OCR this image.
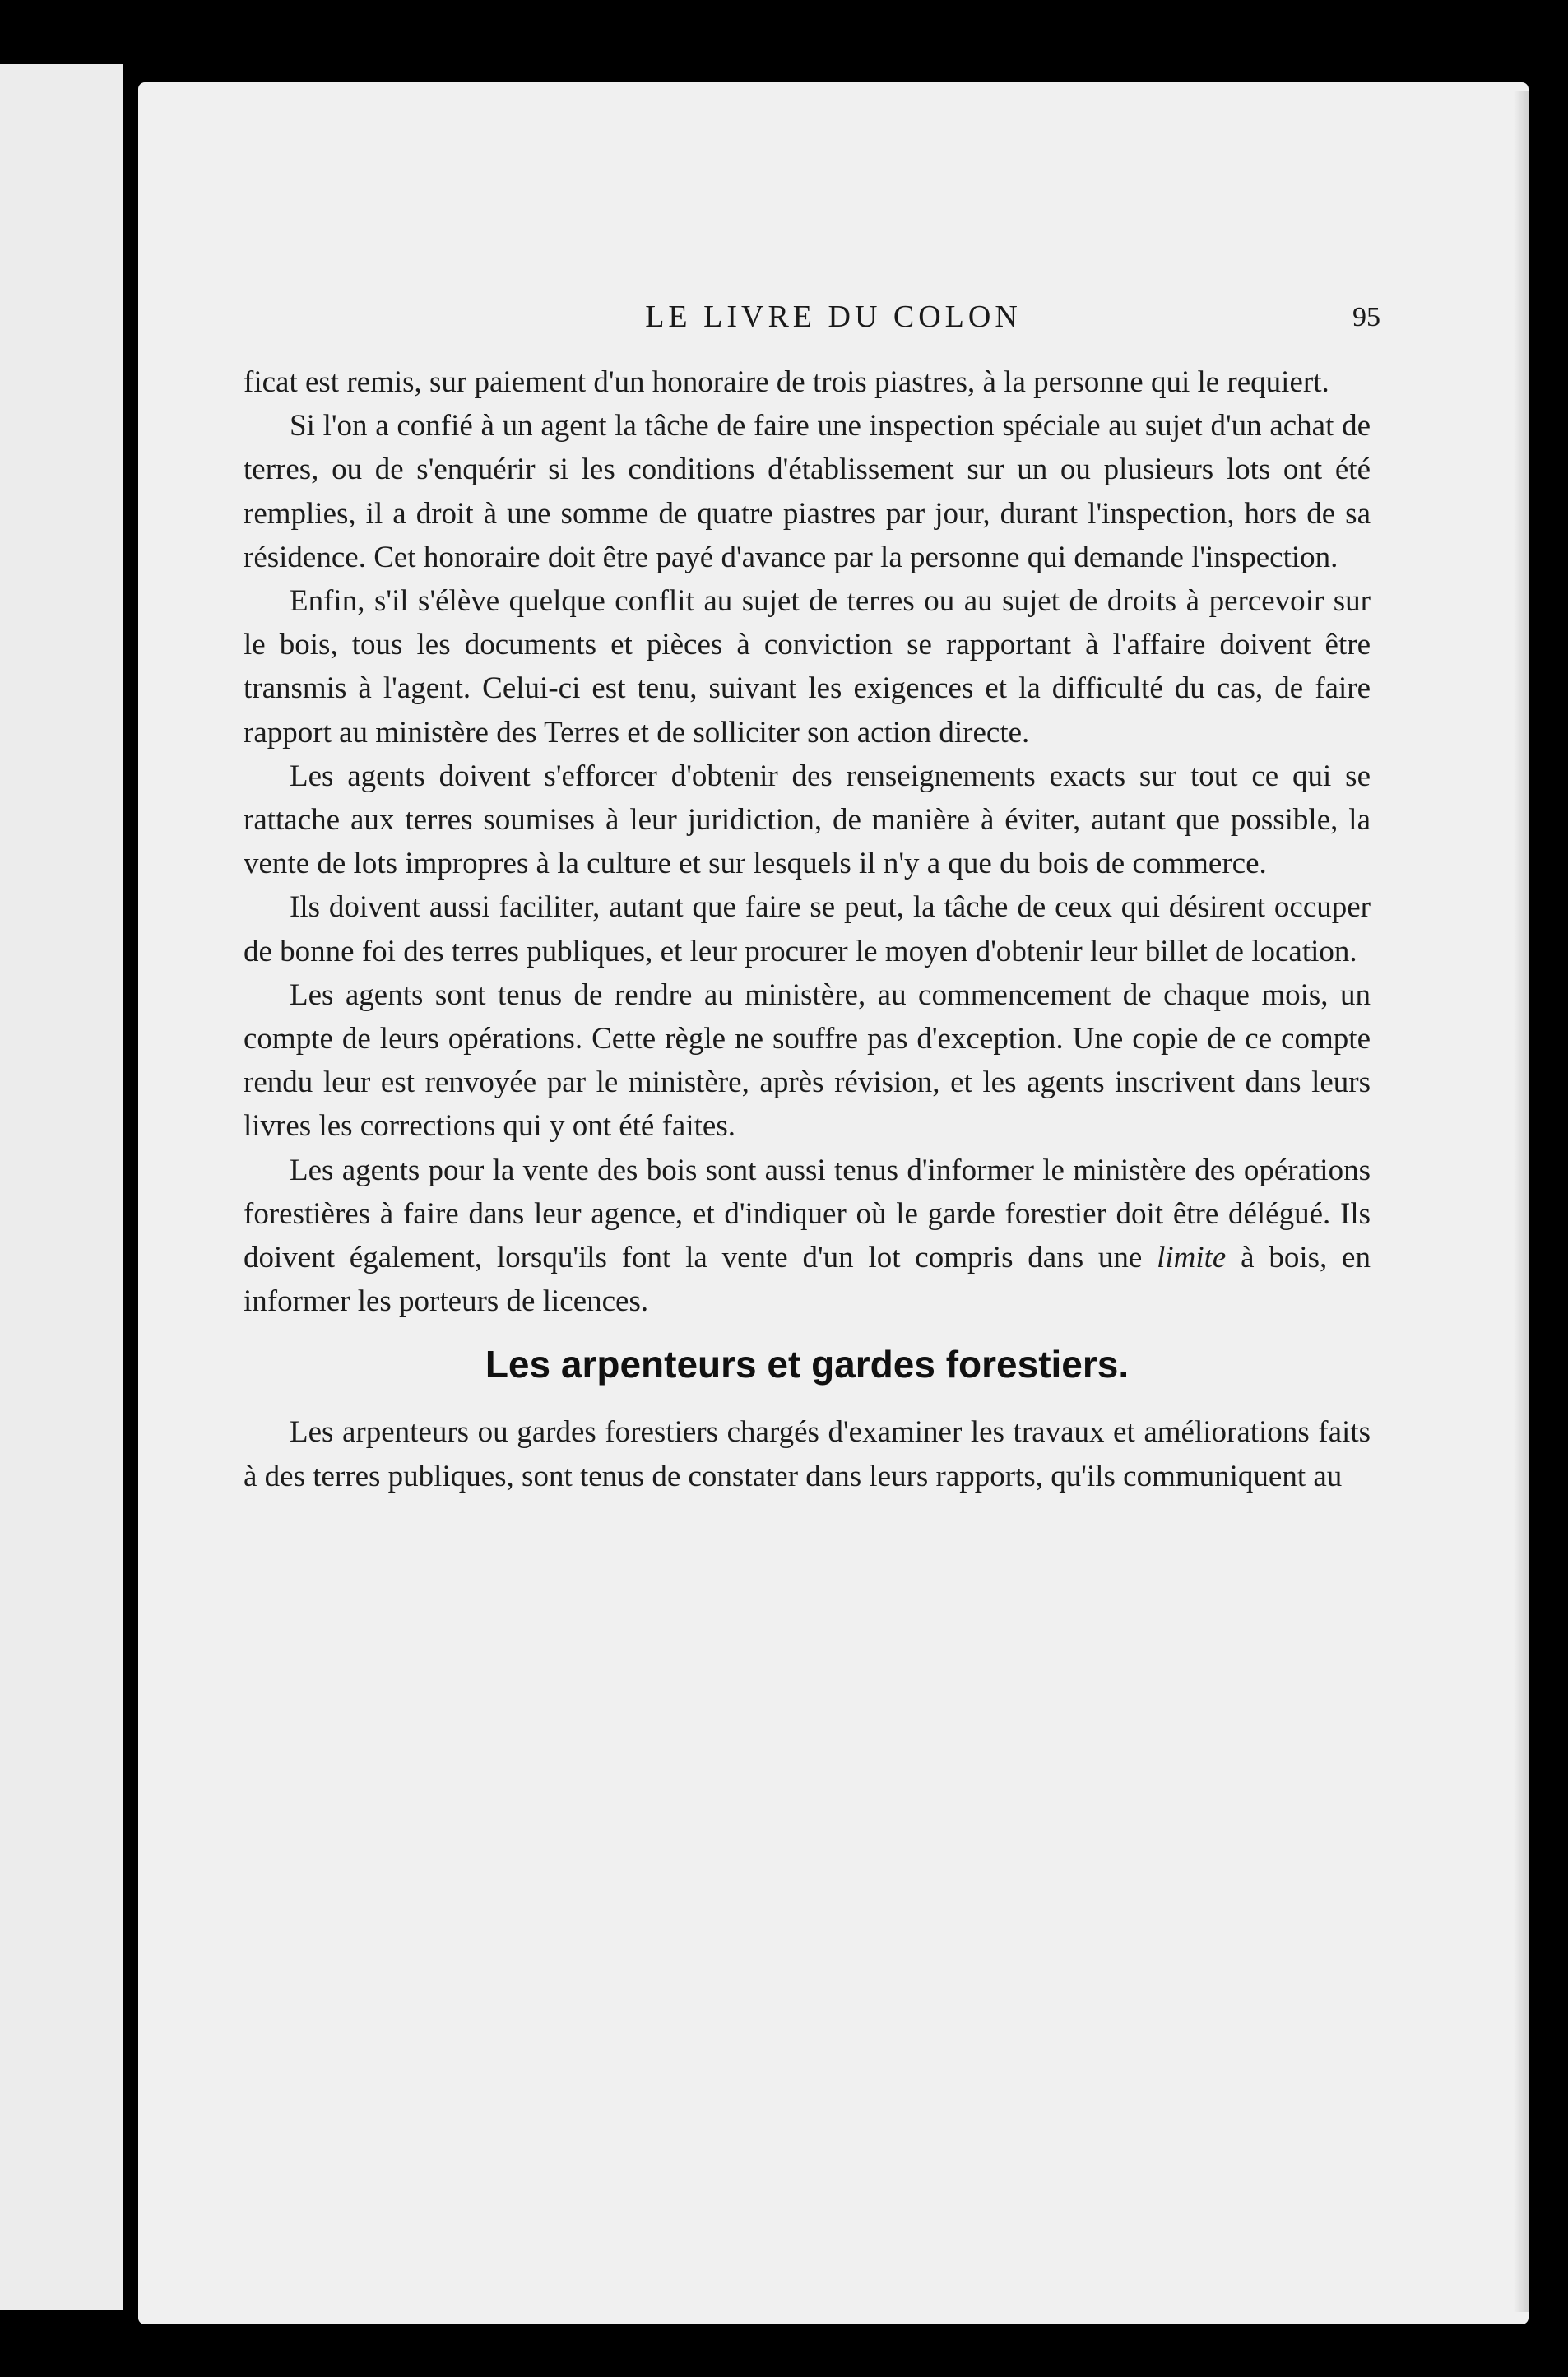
LE LIVRE DU COLON	95

ficat est remis, sur paiement d'un honoraire de trois piastres, à la personne qui le requiert.

Si l'on a confié à un agent la tâche de faire une inspection spéciale au sujet d'un achat de terres, ou de s'enquérir si les conditions d'établissement sur un ou plusieurs lots ont été remplies, il a droit à une somme de quatre piastres par jour, durant l'inspection, hors de sa résidence. Cet honoraire doit être payé d'avance par la personne qui demande l'inspection.

Enfin, s'il s'élève quelque conflit au sujet de terres ou au sujet de droits à percevoir sur le bois, tous les documents et pièces à conviction se rapportant à l'affaire doivent être transmis à l'agent. Celui-ci est tenu, suivant les exigences et la difficulté du cas, de faire rapport au ministère des Terres et de solliciter son action directe.

Les agents doivent s'efforcer d'obtenir des renseignements exacts sur tout ce qui se rattache aux terres soumises à leur juridiction, de manière à éviter, autant que possible, la vente de lots impropres à la culture et sur lesquels il n'y a que du bois de commerce.

Ils doivent aussi faciliter, autant que faire se peut, la tâche de ceux qui désirent occuper de bonne foi des terres publiques, et leur procurer le moyen d'obtenir leur billet de location.

Les agents sont tenus de rendre au ministère, au commencement de chaque mois, un compte de leurs opérations. Cette règle ne souffre pas d'exception. Une copie de ce compte rendu leur est renvoyée par le ministère, après révision, et les agents inscrivent dans leurs livres les corrections qui y ont été faites.

Les agents pour la vente des bois sont aussi tenus d'informer le ministère des opérations forestières à faire dans leur agence, et d'indiquer où le garde forestier doit être délégué. Ils doivent également, lorsqu'ils font la vente d'un lot compris dans une limite à bois, en informer les porteurs de licences.

Les arpenteurs et gardes forestiers.

Les arpenteurs ou gardes forestiers chargés d'examiner les travaux et améliorations faits à des terres publiques, sont tenus de constater dans leurs rapports, qu'ils communiquent au
